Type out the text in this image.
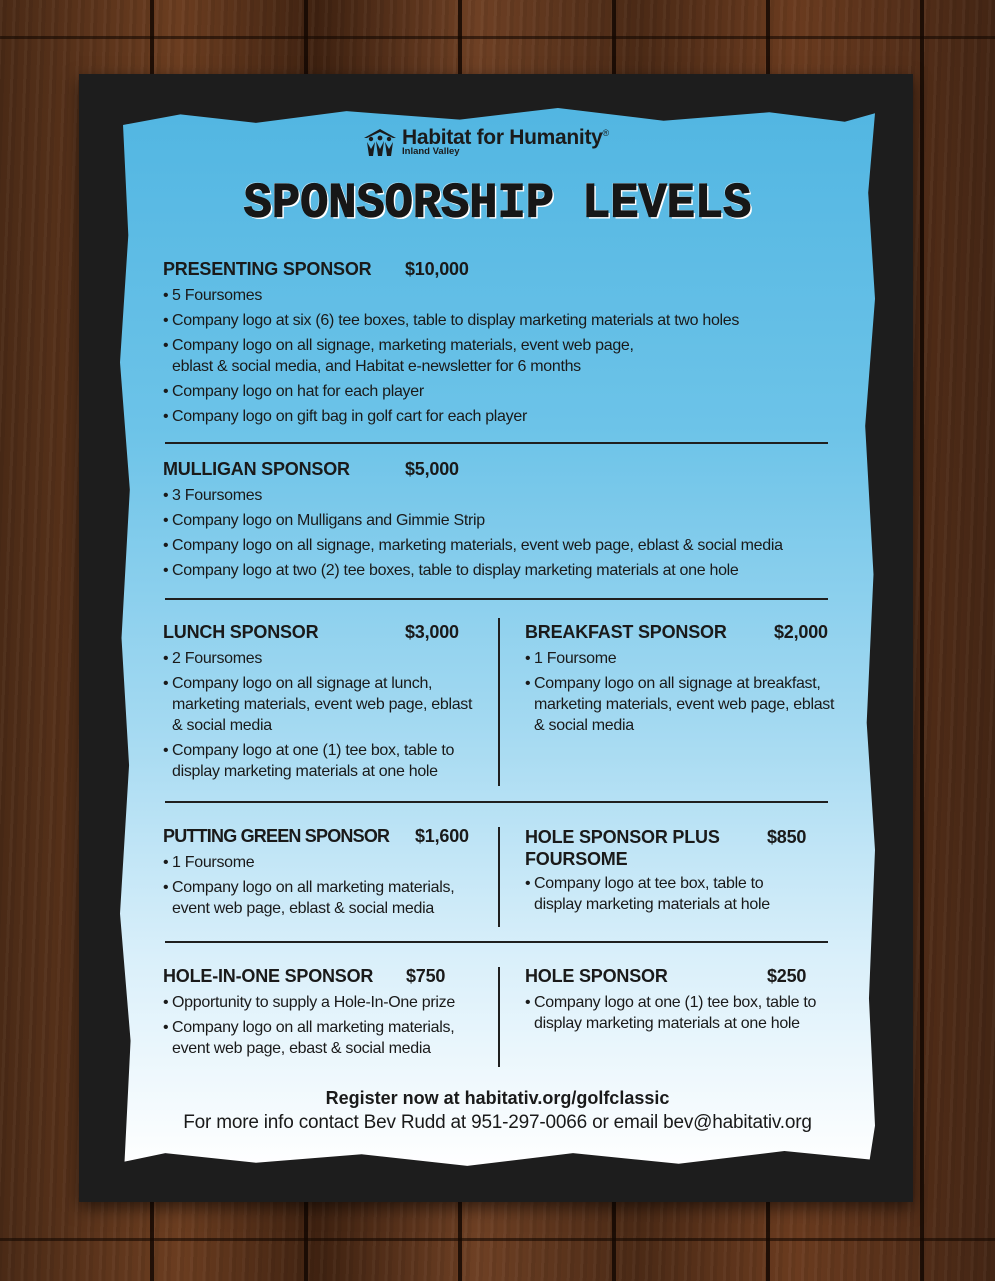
Habitat for Humanity®
Inland Valley
SPONSORSHIP LEVELS
PRESENTING SPONSOR	$10,000
• 5 Foursomes
• Company logo at six (6) tee boxes, table to display marketing materials at two holes
• Company logo on all signage, marketing materials, event web page, eblast & social media, and Habitat e-newsletter for 6 months
• Company logo on hat for each player
• Company logo on gift bag in golf cart for each player
MULLIGAN SPONSOR	$5,000
• 3 Foursomes
• Company logo on Mulligans and Gimmie Strip
• Company logo on all signage, marketing materials, event web page, eblast & social media
• Company logo at two (2) tee boxes, table to display marketing materials at one hole
LUNCH SPONSOR	$3,000
• 2 Foursomes
• Company logo on all signage at lunch, marketing materials, event web page, eblast & social media
• Company logo at one (1) tee box, table to display marketing materials at one hole
BREAKFAST SPONSOR	$2,000
• 1 Foursome
• Company logo on all signage at breakfast, marketing materials, event web page, eblast & social media
PUTTING GREEN SPONSOR	$1,600
• 1 Foursome
• Company logo on all marketing materials, event web page, eblast & social media
HOLE SPONSOR PLUS FOURSOME
$850
• Company logo at tee box, table to display marketing materials at hole
HOLE-IN-ONE SPONSOR	$750
• Opportunity to supply a Hole-In-One prize
• Company logo on all marketing materials, event web page, ebast & social media
HOLE SPONSOR	$250
• Company logo at one (1) tee box, table to display marketing materials at one hole
Register now at habitativ.org/golfclassic
For more info contact Bev Rudd at 951-297-0066 or email bev@habitativ.org
